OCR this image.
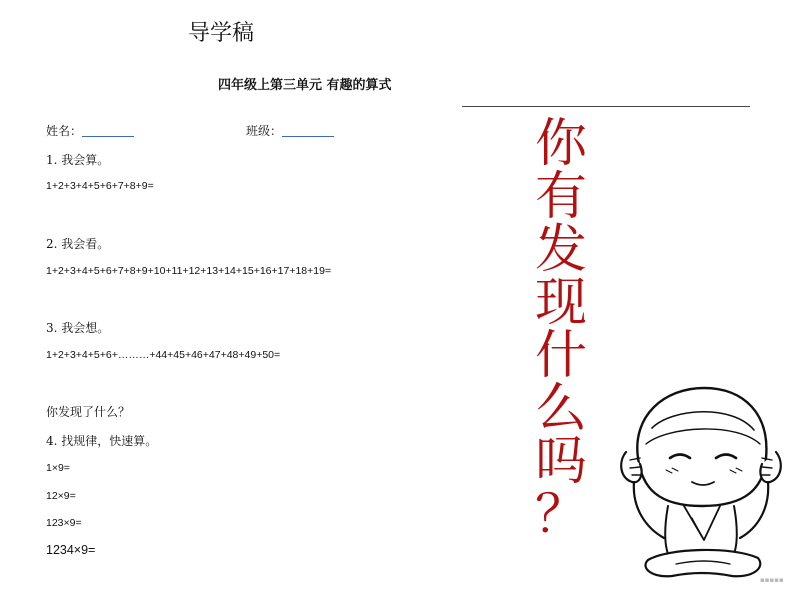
导学稿
四年级上第三单元 有趣的算式
姓名：	班级：
1. 我会算。
1+2+3+4+5+6+7+8+9=
2. 我会看。
1+2+3+4+5+6+7+8+9+10+11+12+13+14+15+16+17+18+19=
3. 我会想。
1+2+3+4+5+6+………+44+45+46+47+48+49+50=
你发现了什么？
4. 找规律，快速算。
1×9=
12×9=
123×9=
1234×9=
你
有
发
现
什
么
吗
？
▪▪▪▪▪
